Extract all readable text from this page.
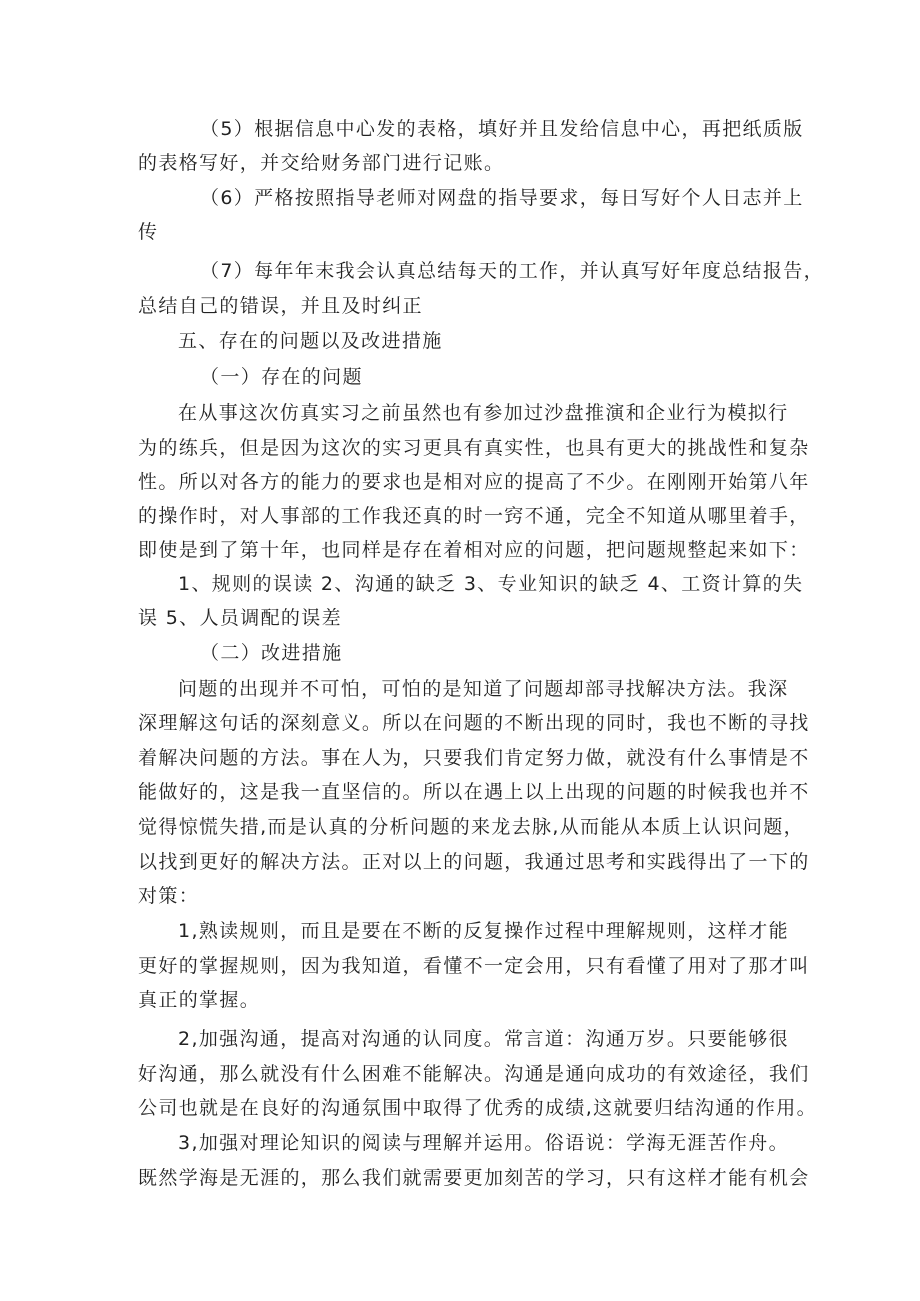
（5）根据信息中心发的表格，填好并且发给信息中心，再把纸质版
的表格写好，并交给财务部门进行记账。
（6）严格按照指导老师对网盘的指导要求，每日写好个人日志并上
传
（7）每年年末我会认真总结每天的工作，并认真写好年度总结报告，
总结自己的错误，并且及时纠正
五、存在的问题以及改进措施
（一）存在的问题
在从事这次仿真实习之前虽然也有参加过沙盘推演和企业行为模拟行
为的练兵，但是因为这次的实习更具有真实性，也具有更大的挑战性和复杂
性。所以对各方的能力的要求也是相对应的提高了不少。在刚刚开始第八年
的操作时，对人事部的工作我还真的时一窍不通，完全不知道从哪里着手，
即使是到了第十年，也同样是存在着相对应的问题，把问题规整起来如下：
1、规则的误读 2、沟通的缺乏 3、专业知识的缺乏 4、工资计算的失
误 5、人员调配的误差
（二）改进措施
问题的出现并不可怕，可怕的是知道了问题却部寻找解决方法。我深
深理解这句话的深刻意义。所以在问题的不断出现的同时，我也不断的寻找
着解决问题的方法。事在人为，只要我们肯定努力做，就没有什么事情是不
能做好的，这是我一直坚信的。所以在遇上以上出现的问题的时候我也并不
觉得惊慌失措,而是认真的分析问题的来龙去脉,从而能从本质上认识问题，
以找到更好的解决方法。正对以上的问题，我通过思考和实践得出了一下的
对策：
1,熟读规则，而且是要在不断的反复操作过程中理解规则，这样才能
更好的掌握规则，因为我知道，看懂不一定会用，只有看懂了用对了那才叫
真正的掌握。
2,加强沟通，提高对沟通的认同度。常言道：沟通万岁。只要能够很
好沟通，那么就没有什么困难不能解决。沟通是通向成功的有效途径，我们
公司也就是在良好的沟通氛围中取得了优秀的成绩,这就要归结沟通的作用。
3,加强对理论知识的阅读与理解并运用。俗语说：学海无涯苦作舟。
既然学海是无涯的，那么我们就需要更加刻苦的学习，只有这样才能有机会
